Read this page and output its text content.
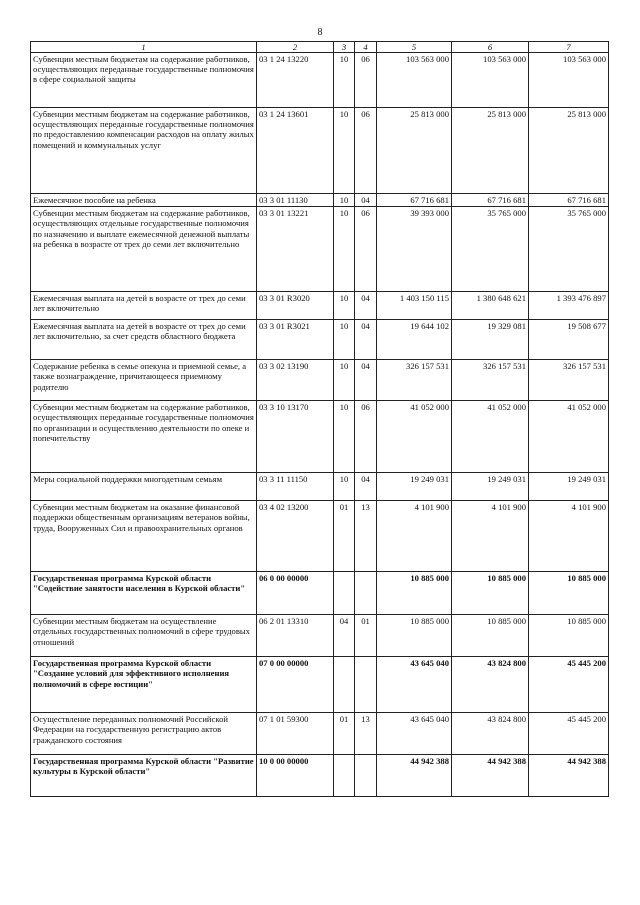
8
1	2	3	4	5	6	7
Субвенции местным бюджетам на содержание работников, осуществляющих переданные государственные полномочия в сфере социальной защиты	03 1 24 13220	10	06	103 563 000	103 563 000	103 563 000
Субвенции местным бюджетам на содержание работников, осуществляющих переданные государственные полномочия по предоставлению компенсации расходов на оплату жилых помещений и коммунальных услуг	03 1 24 13601	10	06	25 813 000	25 813 000	25 813 000
Ежемесячное пособие на ребенка	03 3 01 11130	10	04	67 716 681	67 716 681	67 716 681
Субвенции местным бюджетам на содержание работников, осуществляющих отдельные государственные полномочия по назначению и выплате ежемесячной денежной выплаты на ребенка в возрасте от трех до семи лет включительно	03 3 01 13221	10	06	39 393 000	35 765 000	35 765 000
Ежемесячная выплата на детей в возрасте от трех до семи лет включительно	03 3 01 R3020	10	04	1 403 150 115	1 380 648 621	1 393 476 897
Ежемесячная выплата на детей в возрасте от трех до семи лет включительно, за счет средств областного бюджета	03 3 01 R3021	10	04	19 644 102	19 329 081	19 508 677
Содержание ребенка в семье опекуна и приемной семье, а также вознаграждение, причитающееся приемному родителю	03 3 02 13190	10	04	326 157 531	326 157 531	326 157 531
Субвенции местным бюджетам на содержание работников, осуществляющих переданные государственные полномочия по организации и осуществлению деятельности по опеке и попечительству	03 3 10 13170	10	06	41 052 000	41 052 000	41 052 000
Меры социальной поддержки многодетным семьям	03 3 11 11150	10	04	19 249 031	19 249 031	19 249 031
Субвенции местным бюджетам на оказание финансовой поддержки общественным организациям ветеранов войны, труда, Вооруженных Сил и правоохранительных органов	03 4 02 13200	01	13	4 101 900	4 101 900	4 101 900
Государственная программа Курской области "Содействие занятости населения в Курской области"	06 0 00 00000			10 885 000	10 885 000	10 885 000
Субвенции местным бюджетам на осуществление отдельных государственных полномочий в сфере трудовых отношений	06 2 01 13310	04	01	10 885 000	10 885 000	10 885 000
Государственная программа Курской области "Создание условий для эффективного исполнения полномочий в сфере юстиции"	07 0 00 00000			43 645 040	43 824 800	45 445 200
Осуществление переданных полномочий Российской Федерации на государственную регистрацию актов гражданского состояния	07 1 01 59300	01	13	43 645 040	43 824 800	45 445 200
Государственная программа Курской области "Развитие культуры в Курской области"	10 0 00 00000			44 942 388	44 942 388	44 942 388
